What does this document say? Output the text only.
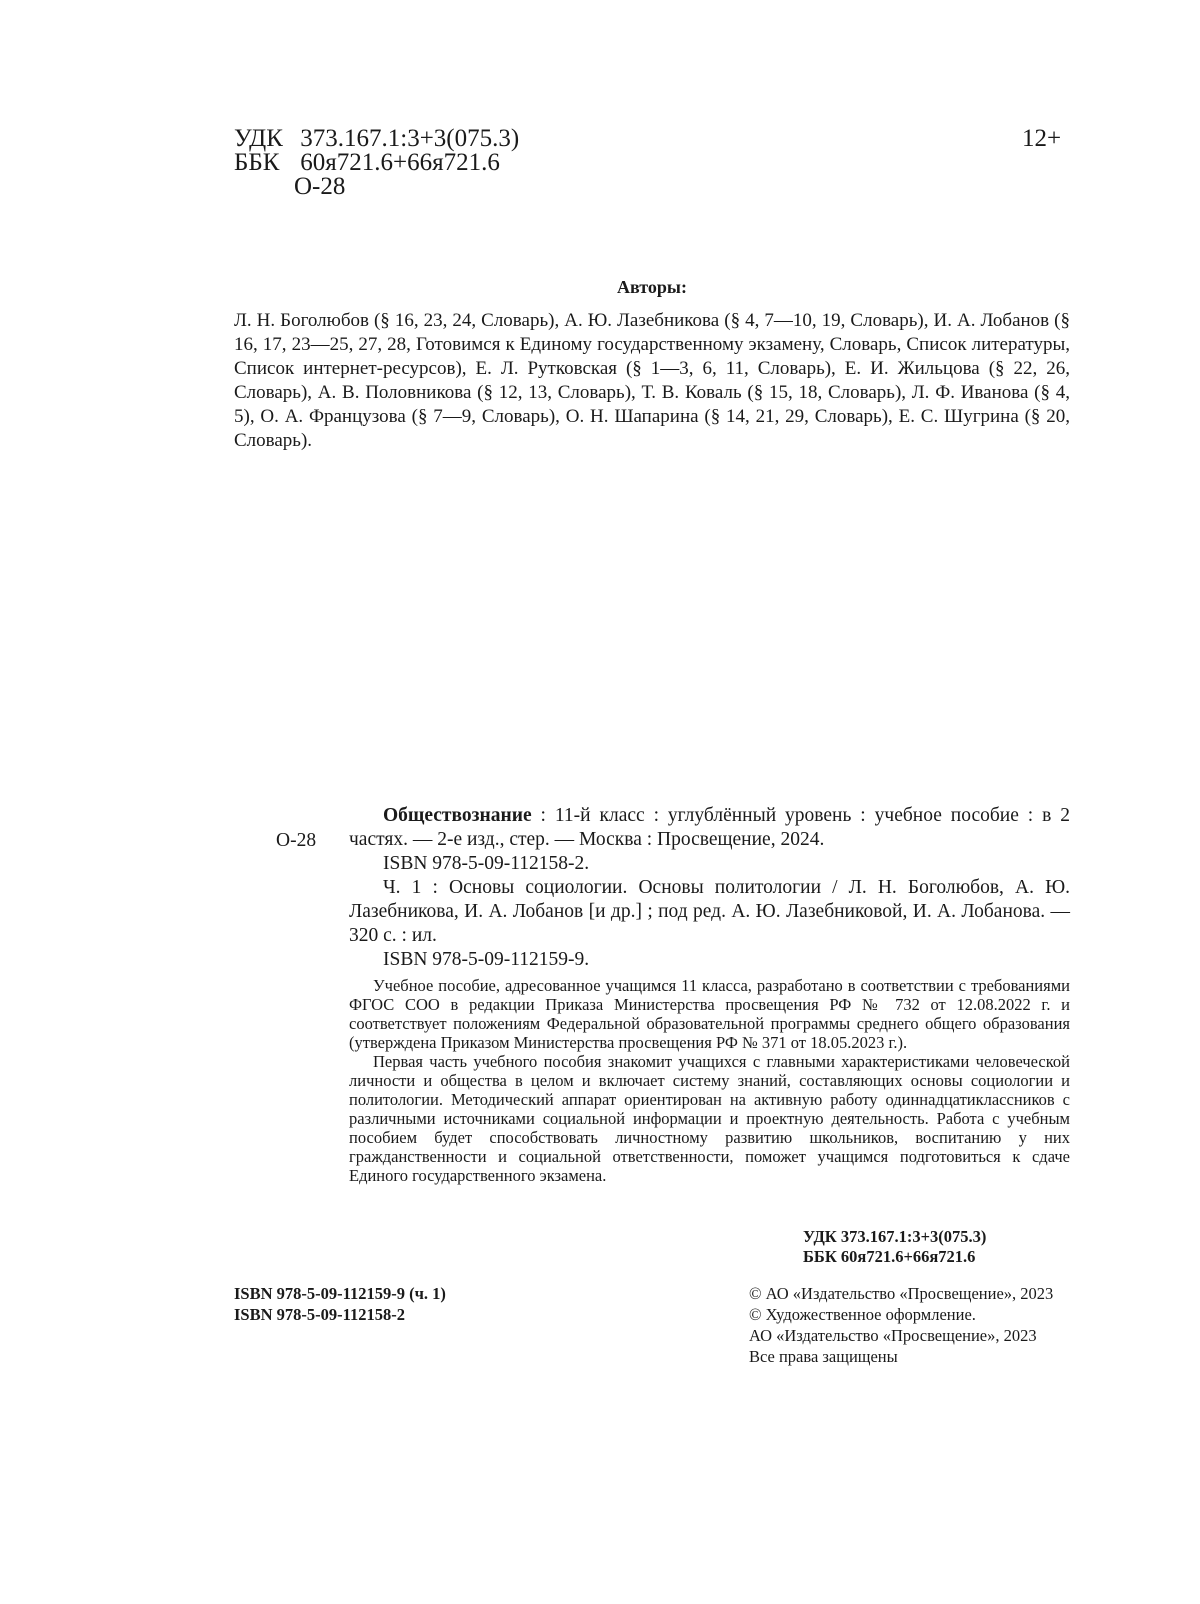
УДК 373.167.1:3+3(075.3)
ББК 60я721.6+66я721.6
О-28
12+
Авторы:
Л. Н. Боголюбов (§ 16, 23, 24, Словарь), А. Ю. Лазебникова (§ 4, 7—10, 19, Словарь), И. А. Лобанов (§ 16, 17, 23—25, 27, 28, Готовимся к Единому государственному экзамену, Словарь, Список литературы, Список интернет-ресурсов), Е. Л. Рутковская (§ 1—3, 6, 11, Словарь), Е. И. Жильцова (§ 22, 26, Словарь), А. В. Половникова (§ 12, 13, Словарь), Т. В. Коваль (§ 15, 18, Словарь), Л. Ф. Иванова (§ 4, 5), О. А. Французова (§ 7—9, Словарь), О. Н. Шапарина (§ 14, 21, 29, Словарь), Е. С. Шугрина (§ 20, Словарь).
О-28

Обществознание : 11-й класс : углублённый уровень : учебное пособие : в 2 частях. — 2-е изд., стер. — Москва : Просвещение, 2024.

ISBN 978-5-09-112158-2.

Ч. 1 : Основы социологии. Основы политологии / Л. Н. Боголюбов, А. Ю. Лазебникова, И. А. Лобанов [и др.] ; под ред. А. Ю. Лазебниковой, И. А. Лобанова. — 320 с. : ил.

ISBN 978-5-09-112159-9.

Учебное пособие, адресованное учащимся 11 класса, разработано в соответствии с требованиями ФГОС СОО в редакции Приказа Министерства просвещения РФ № 732 от 12.08.2022 г. и соответствует положениям Федеральной образовательной программы среднего общего образования (утверждена Приказом Министерства просвещения РФ № 371 от 18.05.2023 г.).

Первая часть учебного пособия знакомит учащихся с главными характеристиками человеческой личности и общества в целом и включает систему знаний, составляющих основы социологии и политологии. Методический аппарат ориентирован на активную работу одиннадцатиклассников с различными источниками социальной информации и проектную деятельность. Работа с учебным пособием будет способствовать личностному развитию школьников, воспитанию у них гражданственности и социальной ответственности, поможет учащимся подготовиться к сдаче Единого государственного экзамена.

УДК 373.167.1:3+3(075.3)
ББК 60я721.6+66я721.6
ISBN 978-5-09-112159-9 (ч. 1)
ISBN 978-5-09-112158-2
© АО «Издательство «Просвещение», 2023
© Художественное оформление.
АО «Издательство «Просвещение», 2023
Все права защищены
